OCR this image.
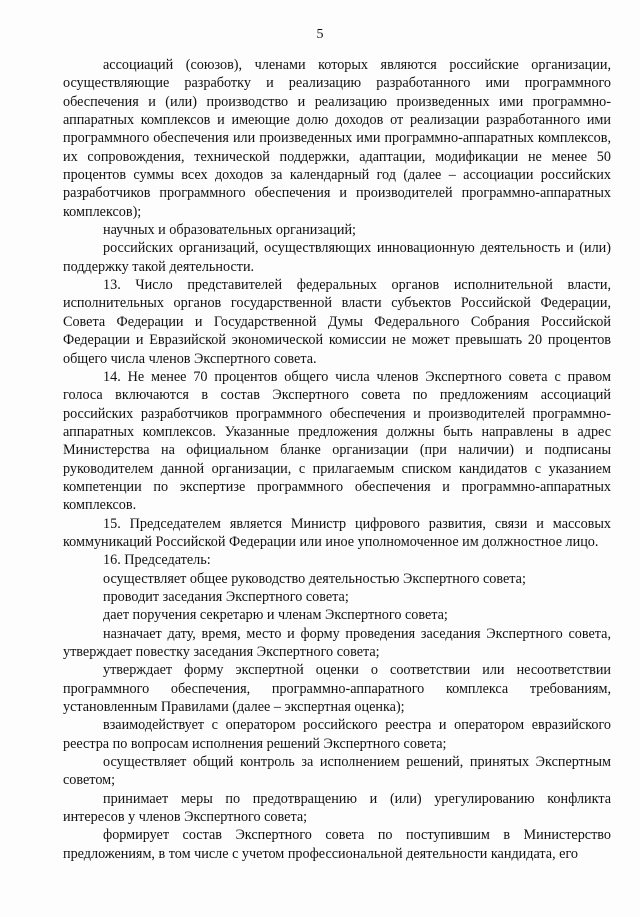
5

ассоциаций (союзов), членами которых являются российские организации, осуществляющие разработку и реализацию разработанного ими программного обеспечения и (или) производство и реализацию произведенных ими программно-аппаратных комплексов и имеющие долю доходов от реализации разработанного ими программного обеспечения или произведенных ими программно-аппаратных комплексов, их сопровождения, технической поддержки, адаптации, модификации не менее 50 процентов суммы всех доходов за календарный год (далее – ассоциации российских разработчиков программного обеспечения и производителей программно-аппаратных комплексов);

научных и образовательных организаций;

российских организаций, осуществляющих инновационную деятельность и (или) поддержку такой деятельности.

13. Число представителей федеральных органов исполнительной власти, исполнительных органов государственной власти субъектов Российской Федерации, Совета Федерации и Государственной Думы Федерального Собрания Российской Федерации и Евразийской экономической комиссии не может превышать 20 процентов общего числа членов Экспертного совета.

14. Не менее 70 процентов общего числа членов Экспертного совета с правом голоса включаются в состав Экспертного совета по предложениям ассоциаций российских разработчиков программного обеспечения и производителей программно-аппаратных комплексов. Указанные предложения должны быть направлены в адрес Министерства на официальном бланке организации (при наличии) и подписаны руководителем данной организации, с прилагаемым списком кандидатов с указанием компетенции по экспертизе программного обеспечения и программно-аппаратных комплексов.

15. Председателем является Министр цифрового развития, связи и массовых коммуникаций Российской Федерации или иное уполномоченное им должностное лицо.

16. Председатель:

осуществляет общее руководство деятельностью Экспертного совета;

проводит заседания Экспертного совета;

дает поручения секретарю и членам Экспертного совета;

назначает дату, время, место и форму проведения заседания Экспертного совета, утверждает повестку заседания Экспертного совета;

утверждает форму экспертной оценки о соответствии или несоответствии программного обеспечения, программно-аппаратного комплекса требованиям, установленным Правилами (далее – экспертная оценка);

взаимодействует с оператором российского реестра и оператором евразийского реестра по вопросам исполнения решений Экспертного совета;

осуществляет общий контроль за исполнением решений, принятых Экспертным советом;

принимает меры по предотвращению и (или) урегулированию конфликта интересов у членов Экспертного совета;

формирует состав Экспертного совета по поступившим в Министерство предложениям, в том числе с учетом профессиональной деятельности кандидата, его
